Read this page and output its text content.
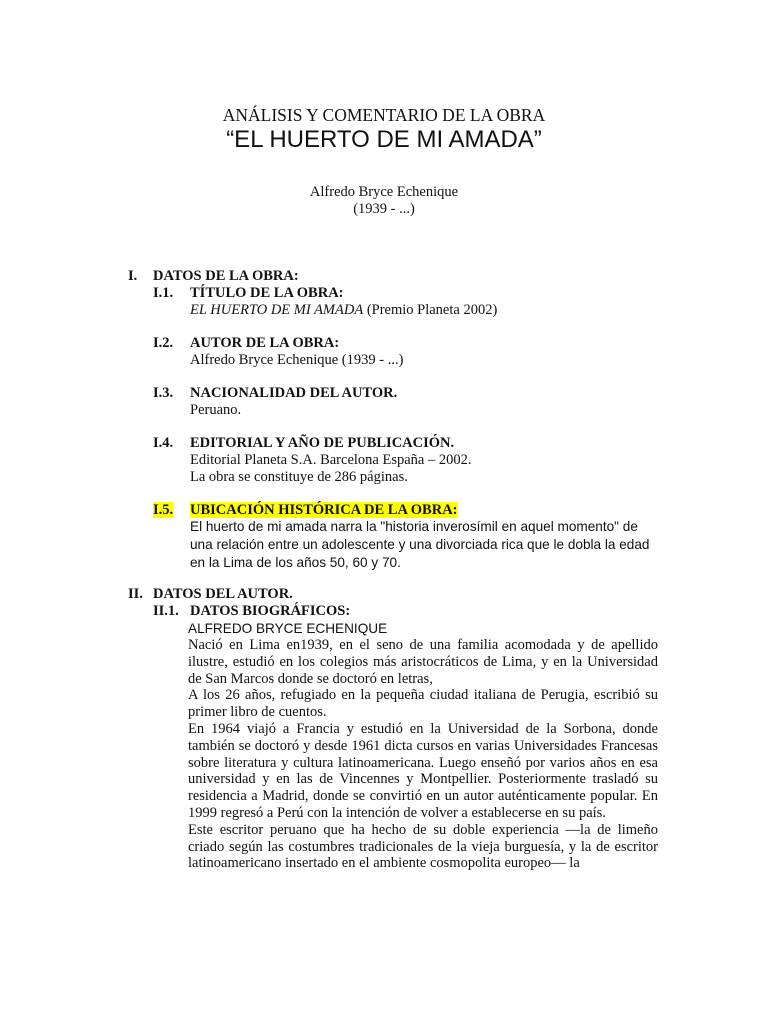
ANÁLISIS Y COMENTARIO DE LA OBRA
“EL HUERTO DE MI AMADA”
Alfredo Bryce Echenique
(1939 - ...)
I. DATOS DE LA OBRA:
I.1. TÍTULO DE LA OBRA:
EL HUERTO DE MI AMADA (Premio Planeta 2002)
I.2. AUTOR DE LA OBRA:
Alfredo Bryce Echenique (1939 - ...)
I.3. NACIONALIDAD DEL AUTOR.
Peruano.
I.4. EDITORIAL Y AÑO DE PUBLICACIÓN.
Editorial Planeta S.A. Barcelona España – 2002.
La obra se constituye de 286 páginas.
I.5. UBICACIÓN HISTÓRICA DE LA OBRA:
El huerto de mi amada narra la "historia inverosímil en aquel momento" de
una relación entre un adolescente y una divorciada rica que le dobla la edad
en la Lima de los años 50, 60 y 70.
II. DATOS DEL AUTOR.
II.1. DATOS BIOGRÁFICOS:
ALFREDO BRYCE ECHENIQUE

Nació en Lima en1939, en el seno de una familia acomodada y de apellido ilustre, estudió en los colegios más aristocráticos de Lima, y en la Universidad de San Marcos donde se doctoró en letras,

A los 26 años, refugiado en la pequeña ciudad italiana de Perugia, escribió su primer libro de cuentos.

En 1964 viajó a Francia y estudió en la Universidad de la Sorbona, donde también se doctoró y desde 1961 dicta cursos en varias Universidades Francesas sobre literatura y cultura latinoamericana. Luego enseñó por varios años en esa universidad y en las de Vincennes y Montpellier. Posteriormente trasladó su residencia a Madrid, donde se convirtió en un autor auténticamente popular. En 1999 regresó a Perú con la intención de volver a establecerse en su país.

Este escritor peruano que ha hecho de su doble experiencia —la de limeño criado según las costumbres tradicionales de la vieja burguesía, y la de escritor latinoamericano insertado en el ambiente cosmopolita europeo— la
